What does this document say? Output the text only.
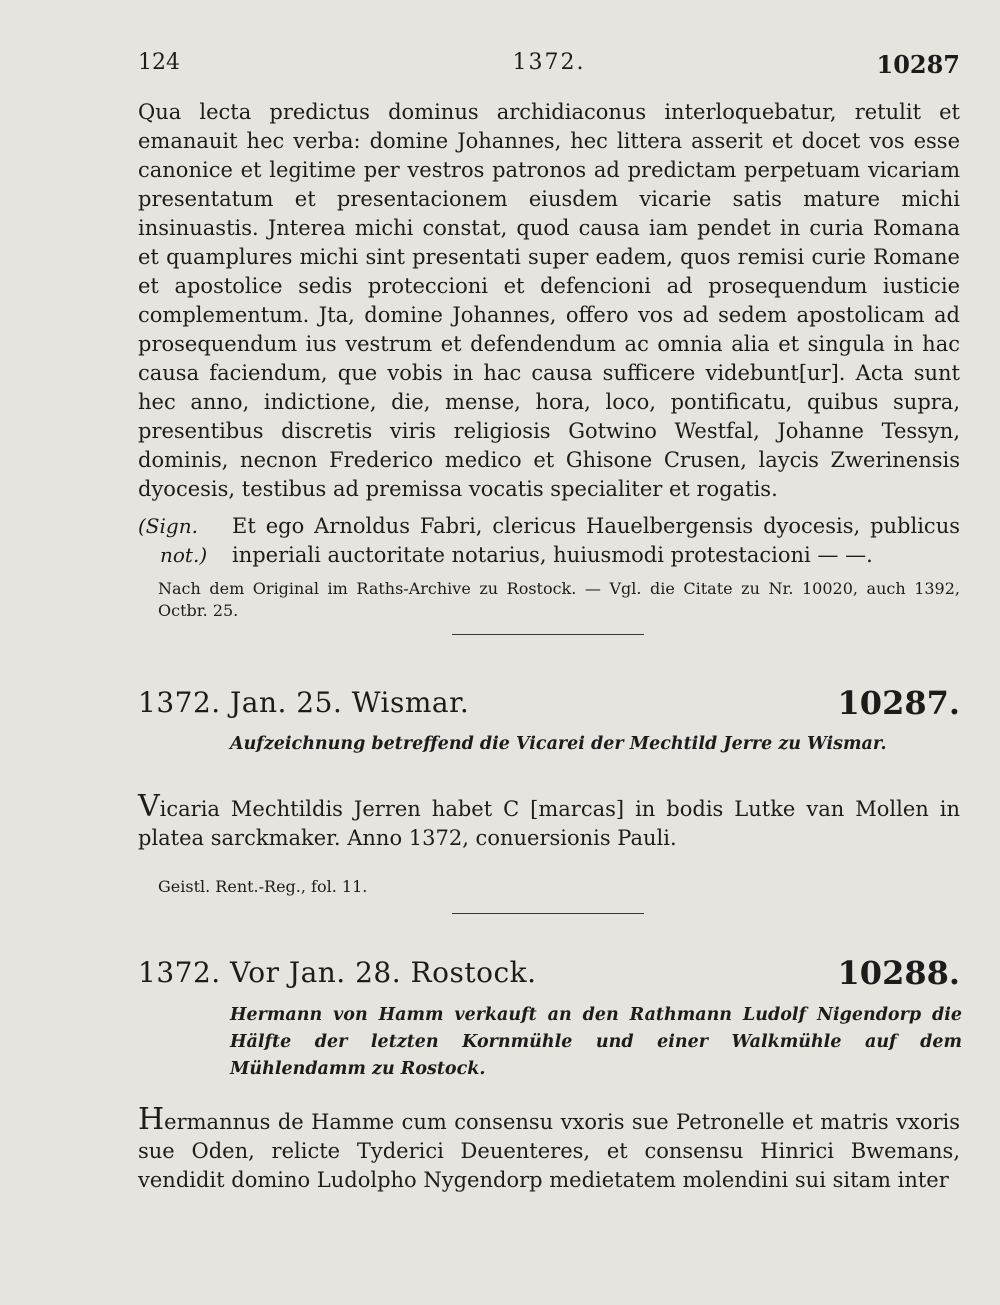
124	1372.	10287

Qua lecta predictus dominus archidiaconus interloquebatur, retulit et emanauit hec verba: domine Johannes, hec littera asserit et docet vos esse canonice et legitime per vestros patronos ad predictam perpetuam vicariam presentatum et presentacionem eiusdem vicarie satis mature michi insinuastis. Jnterea michi constat, quod causa iam pendet in curia Romana et quamplures michi sint presentati super eadem, quos remisi curie Romane et apostolice sedis proteccioni et defencioni ad prosequendum iusticie complementum. Jta, domine Johannes, offero vos ad sedem apostolicam ad prosequendum ius vestrum et defendendum ac omnia alia et singula in hac causa faciendum, que vobis in hac causa sufficere videbunt[ur]. Acta sunt hec anno, indictione, die, mense, hora, loco, pontificatu, quibus supra, presentibus discretis viris religiosis Gotwino Westfal, Johanne Tessyn, dominis, necnon Frederico medico et Ghisone Crusen, laycis Zwerinensis dyocesis, testibus ad premissa vocatis specialiter et rogatis.

(Sign.
not.)
Et ego Arnoldus Fabri, clericus Hauelbergensis dyocesis, publicus inperiali auctoritate notarius, huiusmodi protestacioni — —.

Nach dem Original im Raths-Archive zu Rostock. — Vgl. die Citate zu Nr. 10020, auch 1392, Octbr. 25.

1372. Jan. 25. Wismar.	10287.

Aufzeichnung betreffend die Vicarei der Mechtild Jerre zu Wismar.

Vicaria Mechtildis Jerren habet C [marcas] in bodis Lutke van Mollen in platea sarckmaker. Anno 1372, conuersionis Pauli.

Geistl. Rent.-Reg., fol. 11.

1372. Vor Jan. 28. Rostock.	10288.

Hermann von Hamm verkauft an den Rathmann Ludolf Nigendorp die Hälfte der letzten Kornmühle und einer Walkmühle auf dem Mühlendamm zu Rostock.

Hermannus de Hamme cum consensu vxoris sue Petronelle et matris vxoris sue Oden, relicte Tyderici Deuenteres, et consensu Hinrici Bwemans, vendidit domino Ludolpho Nygendorp medietatem molendini sui sitam inter
